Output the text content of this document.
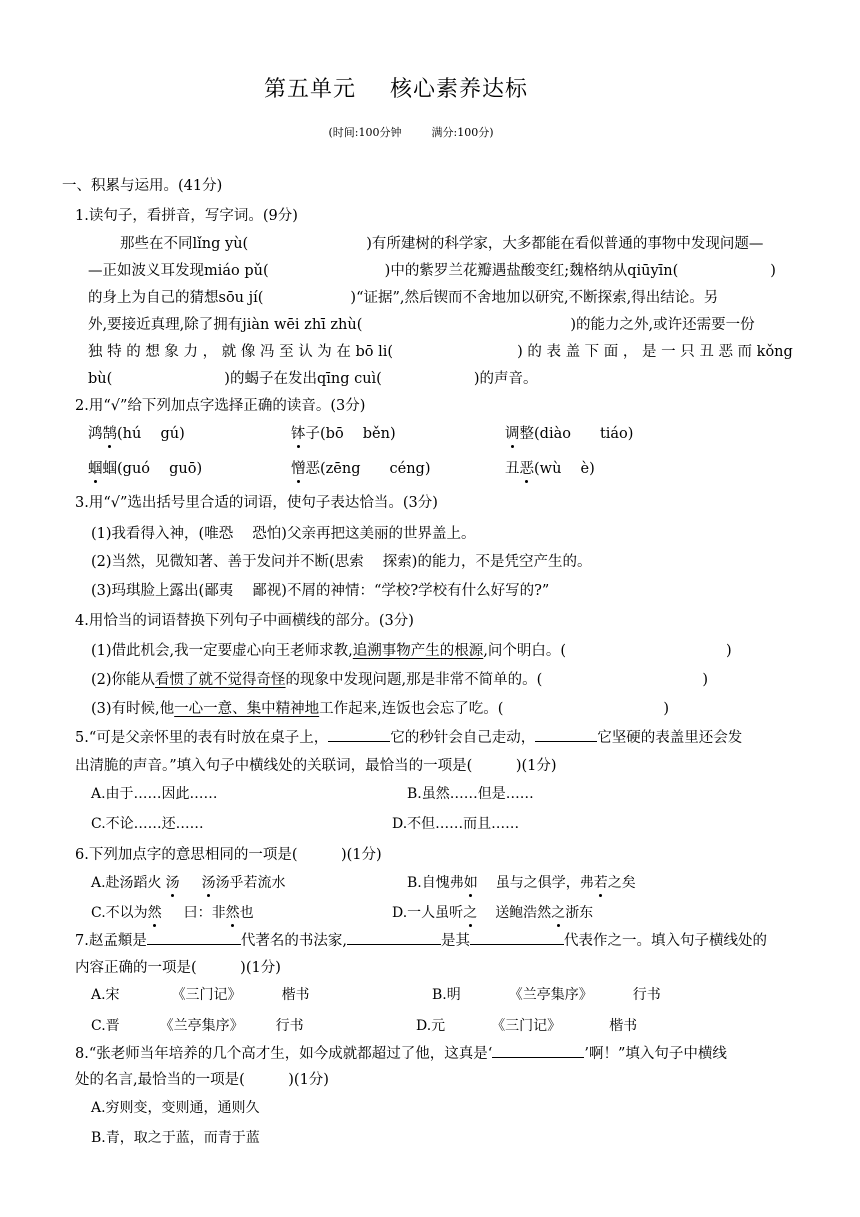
第五单元 核心素养达标
(时间:100分钟	满分:100分)
一、积累与运用。(41分)
1.读句子，看拼音，写字词。(9分)
那些在不同lǐng yù(	)有所建树的科学家，大多都能在看似普通的事物中发现问题—
—正如波义耳发现miáo pǔ(	)中的紫罗兰花瓣遇盐酸变红;魏格纳从qiūyīn(	)
的身上为自己的猜想sōu jí(　　　　　　)“证据”,然后锲而不舍地加以研究,不断探索,得出结论。另
外,要接近真理,除了拥有jiàn wēi zhī zhù(	)的能力之外,或许还需要一份
独 特 的 想 象 力 ， 就 像 冯 至 认 为 在 bō li(	) 的 表 盖 下 面 ， 是 一 只 丑 恶 而 kǒng
bù(	)的蝎子在发出qīng cuì(	)的声音。
2.用“√”给下列加点字选择正确的读音。(3分)
鸿鹄(hú　 gú)	钵子(bō　 běn)	调整(diào　　tiáo)
蝈蝈(guó　 guō)	憎恶(zēng　　céng)	丑恶(wù　 è)
3.用“√”选出括号里合适的词语，使句子表达恰当。(3分)
(1)我看得入神，(唯恐　 恐怕)父亲再把这美丽的世界盖上。
(2)当然，见微知著、善于发问并不断(思索　 探索)的能力，不是凭空产生的。
(3)玛琪脸上露出(鄙夷　 鄙视)不屑的神情：“学校?学校有什么好写的?”
4.用恰当的词语替换下列句子中画横线的部分。(3分)
(1)借此机会,我一定要虚心向王老师求教,追溯事物产生的根源,问个明白。(	)
(2)你能从看惯了就不觉得奇怪的现象中发现问题,那是非常不简单的。(	)
(3)有时候,他一心一意、集中精神地工作起来,连饭也会忘了吃。(	)
5.“可是父亲怀里的表有时放在桌子上，	它的秒针会自己走动，	它坚硬的表盖里还会发
出清脆的声音。”填入句子中横线处的关联词，最恰当的一项是(　　　)(1分)
A.由于……因此……	B.虽然……但是……
C.不论……还……	D.不但……而且……
6.下列加点字的意思相同的一项是(　　　)(1分)
A.赴汤蹈火 汤 汤汤乎若流水	B.自愧弗如 虽与之俱学，弗若之矣
C.不以为然 曰：非然也	D.一人虽听之 送鲍浩然之浙东
7.赵孟頫是	代著名的书法家,	是其	代表作之一。填入句子横线处的
内容正确的一项是(　　　)(1分)
A.宋	《三门记》	楷书	B.明	《兰亭集序》	行书
C.晋	《兰亭集序》 行书	D.元	《三门记》	楷书
8.“张老师当年培养的几个高才生，如今成就都超过了他，这真是‘	’啊！”填入句子中横线
处的名言,最恰当的一项是(　　　)(1分)
A.穷则变，变则通，通则久
B.青，取之于蓝，而青于蓝
